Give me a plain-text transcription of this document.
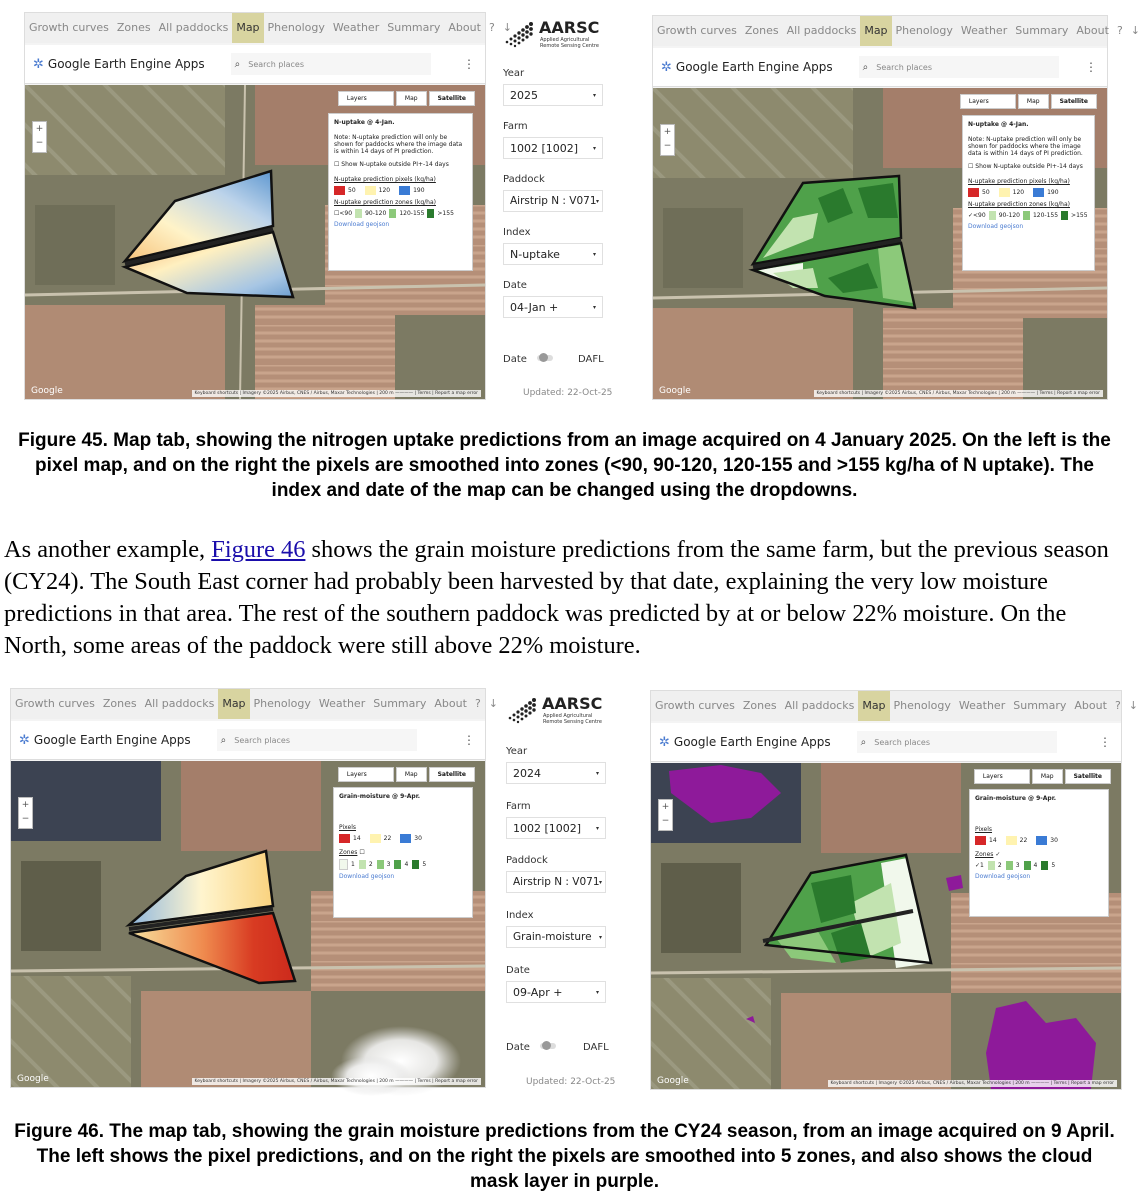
Growth curves Zones All paddocks Map Phenology Weather Summary About ? ↓
✲ Google Earth Engine Apps	⌕ Search places	⋮
+
−
Layers	Map	Satellite
N-uptake @ 4-Jan.
Note: N-uptake prediction will only be shown for paddocks where the image data is within 14 days of PI prediction.
☐ Show N-uptake outside PI+-14 days
N-uptake prediction pixels (kg/ha)
50	120	190
N-uptake prediction zones (kg/ha)
☐ <90 90-120 120-155 >155
Download geojson
Google	Keyboard shortcuts | Imagery ©2025 Airbus, CNES / Airbus, Maxar Technologies | 200 m ———— | Terms | Report a map error
AARSC
Applied Agricultural
Remote Sensing Centre
Year
2025	▾
Farm
1002 [1002] ▾
Paddock
Airstrip N : V071 ▾
Index
N-uptake	▾
Date
04-Jan +	▾
Date	DAFL
Updated: 22-Oct-25
Growth curves Zones All paddocks Map Phenology Weather Summary About ? ↓
✲ Google Earth Engine Apps	⌕ Search places	⋮
+
−
Layers	Map	Satellite
N-uptake @ 4-Jan.
Note: N-uptake prediction will only be shown for paddocks where the image data is within 14 days of PI prediction.
☐ Show N-uptake outside PI+-14 days
N-uptake prediction pixels (kg/ha)
50	120	190
N-uptake prediction zones (kg/ha)
✓ <90 90-120 120-155 >155
Download geojson
Google	Keyboard shortcuts | Imagery ©2025 Airbus, CNES / Airbus, Maxar Technologies | 200 m ———— | Terms | Report a map error
Figure 45. Map tab, showing the nitrogen uptake predictions from an image acquired on 4 January 2025. On the left is the pixel map, and on the right the pixels are smoothed into zones (<90, 90-120, 120-155 and >155 kg/ha of N uptake). The index and date of the map can be changed using the dropdowns.
As another example, Figure 46 shows the grain moisture predictions from the same farm, but the previous season (CY24). The South East corner had probably been harvested by that date, explaining the very low moisture predictions in that area. The rest of the southern paddock was predicted by at or below 22% moisture. On the North, some areas of the paddock were still above 22% moisture.
Growth curves Zones All paddocks Map Phenology Weather Summary About ? ↓
✲ Google Earth Engine Apps	⌕ Search places	⋮
+
−
Layers	Map	Satellite
Grain-moisture @ 9-Apr.
Pixels
14	22	30
Zones ☐
1 2 3 4 5
Download geojson
Google	Keyboard shortcuts | Imagery ©2025 Airbus, CNES / Airbus, Maxar Technologies | 200 m ———— | Terms | Report a map error
AARSC
Applied Agricultural
Remote Sensing Centre
Year
2024	▾
Farm
1002 [1002] ▾
Paddock
Airstrip N : V071 ▾
Index
Grain-moisture ▾
Date
09-Apr +	▾
Date	DAFL
Updated: 22-Oct-25
Growth curves Zones All paddocks Map Phenology Weather Summary About ? ↓
✲ Google Earth Engine Apps	⌕ Search places	⋮
+
−
Layers	Map	Satellite
Grain-moisture @ 9-Apr.
Pixels
14	22	30
Zones ✓
✓ 1 2 3 4 5
Download geojson
Google	Keyboard shortcuts | Imagery ©2025 Airbus, CNES / Airbus, Maxar Technologies | 200 m ———— | Terms | Report a map error
Figure 46. The map tab, showing the grain moisture predictions from the CY24 season, from an image acquired on 9 April. The left shows the pixel predictions, and on the right the pixels are smoothed into 5 zones, and also shows the cloud mask layer in purple.
